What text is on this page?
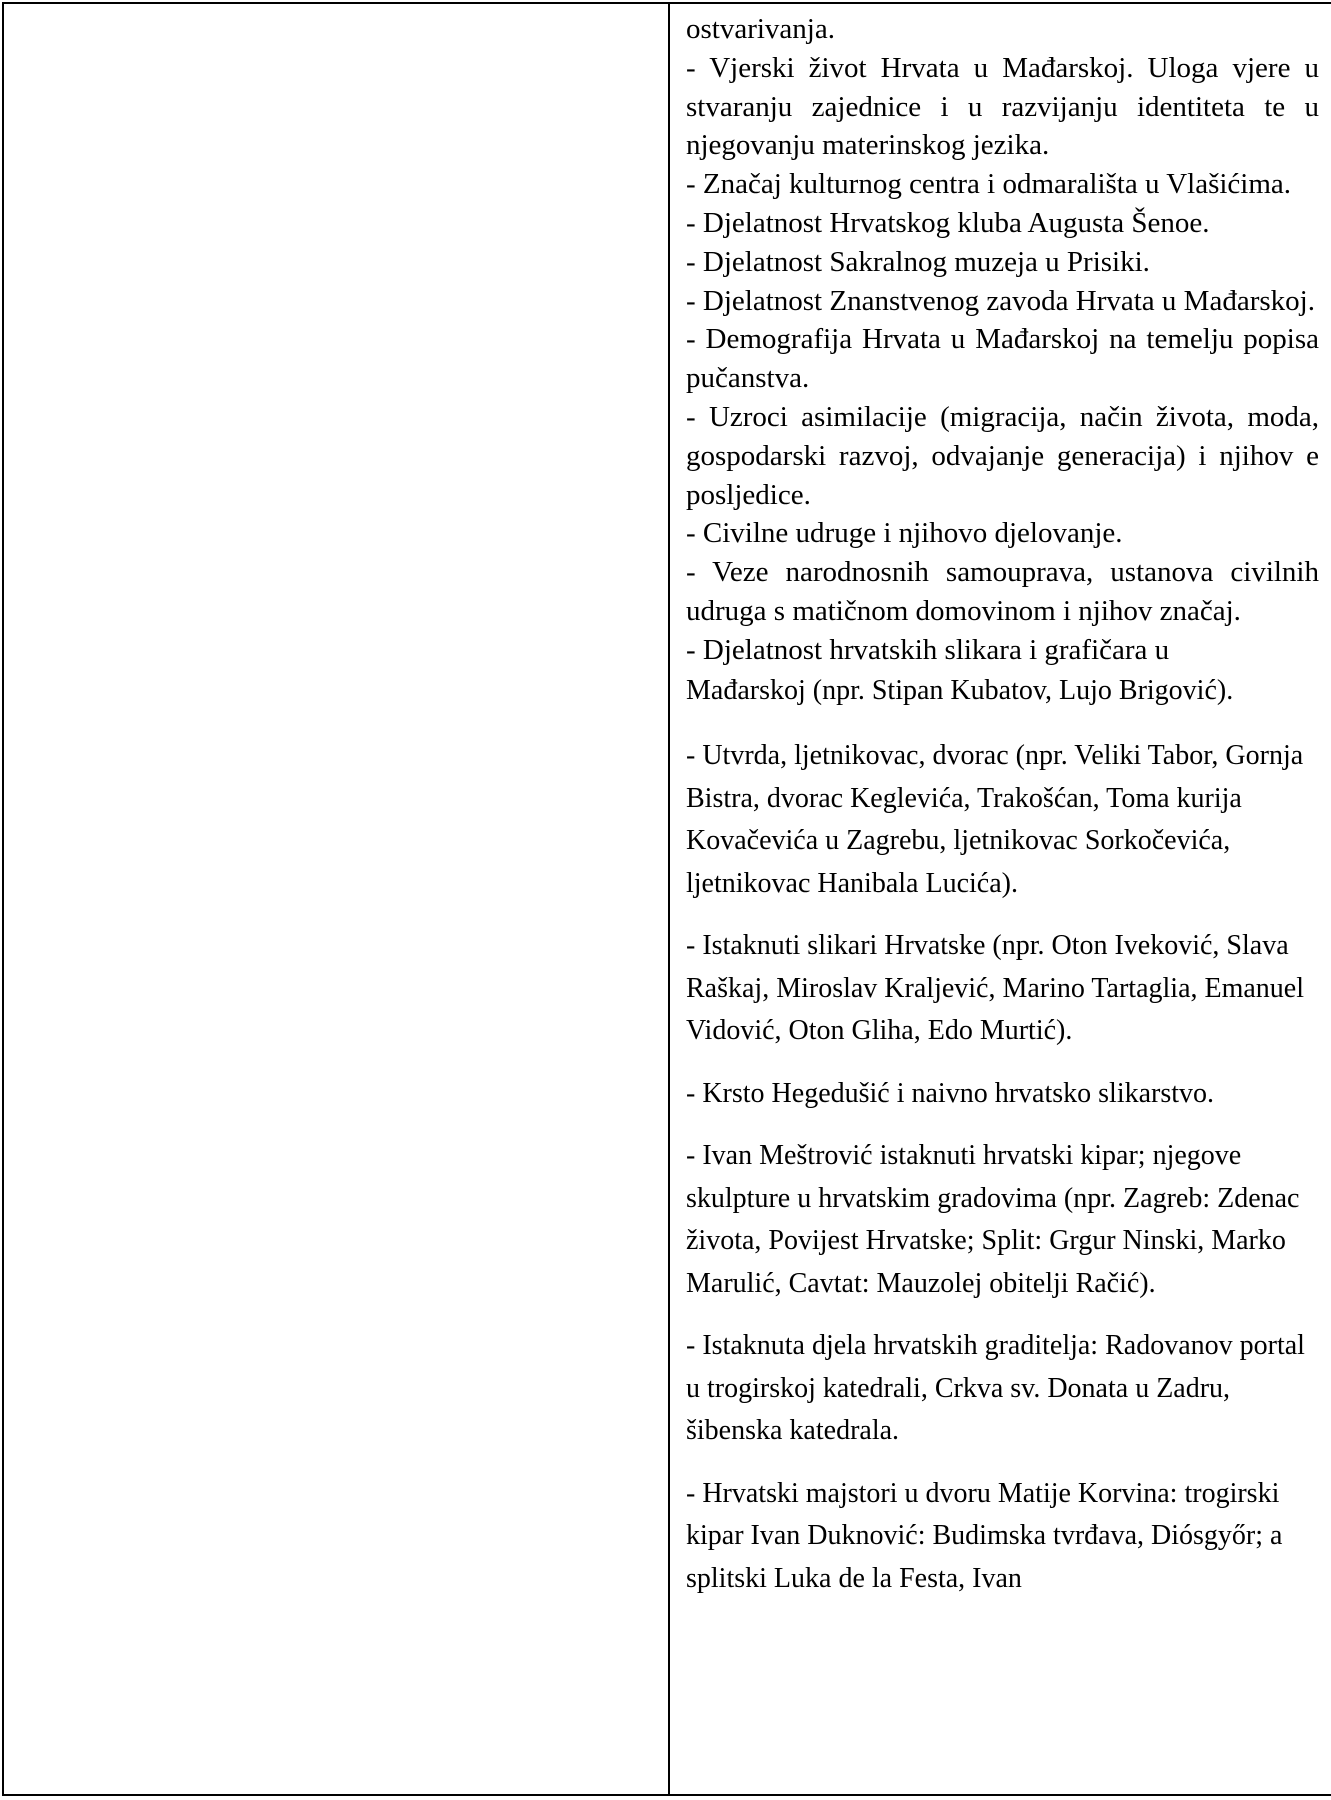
ostvarivanja.

- Vjerski život Hrvata u Mađarskoj. Uloga vjere u stvaranju zajednice i u razvijanju identiteta te u njegovanju materinskog jezika.

- Značaj kulturnog centra i odmarališta u Vlašićima.

- Djelatnost Hrvatskog kluba Augusta Šenoe.

- Djelatnost Sakralnog muzeja u Prisiki.

- Djelatnost Znanstvenog zavoda Hrvata u Mađarskoj.

- Demografija Hrvata u Mađarskoj na temelju popisa pučanstva.

- Uzroci asimilacije (migracija, način života, moda, gospodarski razvoj, odvajanje generacija) i njihov e posljedice.

- Civilne udruge i njihovo djelovanje.

- Veze narodnosnih samouprava, ustanova civilnih udruga s matičnom domovinom i njihov značaj.

- Djelatnost hrvatskih slikara i grafičara u

Mađarskoj (npr. Stipan Kubatov, Lujo Brigović).

- Utvrda, ljetnikovac, dvorac (npr. Veliki Tabor, Gornja Bistra, dvorac Keglevića, Trakošćan, Toma kurija Kovačevića u Zagrebu, ljetnikovac Sorkočevića, ljetnikovac Hanibala Lucića).

- Istaknuti slikari Hrvatske (npr. Oton Iveković, Slava Raškaj, Miroslav Kraljević, Marino Tartaglia, Emanuel Vidović, Oton Gliha, Edo Murtić).

- Krsto Hegedušić i naivno hrvatsko slikarstvo.

- Ivan Meštrović istaknuti hrvatski kipar; njegove skulpture u hrvatskim gradovima (npr. Zagreb: Zdenac života, Povijest Hrvatske; Split: Grgur Ninski, Marko Marulić, Cavtat: Mauzolej obitelji Račić).

- Istaknuta djela hrvatskih graditelja: Radovanov portal u trogirskoj katedrali, Crkva sv. Donata u Zadru, šibenska katedrala.

- Hrvatski majstori u dvoru Matije Korvina: trogirski kipar Ivan Duknović: Budimska tvrđava, Diósgyőr; a splitski Luka de la Festa, Ivan
